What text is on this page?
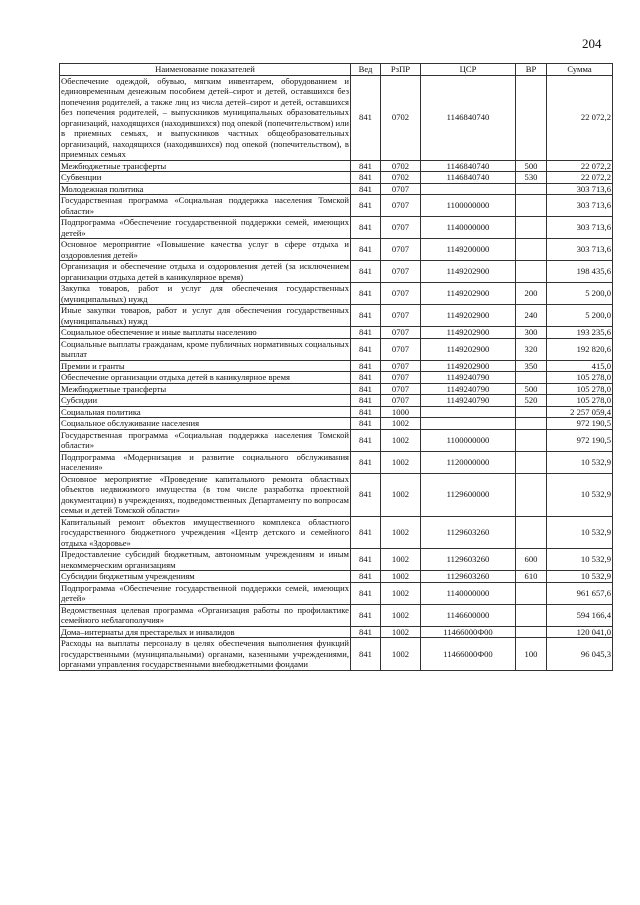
204
Наименование показателей	Вед	РзПР	ЦСР	ВР	Сумма
Обеспечение одеждой, обувью, мягким инвентарем, оборудованием и единовременным денежным пособием детей–сирот и детей, оставшихся без попечения родителей, а также лиц из числа детей–сирот и детей, оставшихся без попечения родителей, – выпускников муниципальных образовательных организаций, находящихся (находившихся) под опекой (попечительством) или в приемных семьях, и выпускников частных общеобразовательных организаций, находящихся (находившихся) под опекой (попечительством), в приемных семьях	841	0702	1146840740		22 072,2
Межбюджетные трансферты	841	0702	1146840740	500	22 072,2
Субвенции	841	0702	1146840740	530	22 072,2
Молодежная политика	841	0707			303 713,6
Государственная программа «Социальная поддержка населения Томской области»	841	0707	1100000000		303 713,6
Подпрограмма «Обеспечение государственной поддержки семей, имеющих детей»	841	0707	1140000000		303 713,6
Основное мероприятие «Повышение качества услуг в сфере отдыха и оздоровления детей»	841	0707	1149200000		303 713,6
Организация и обеспечение отдыха и оздоровления детей (за исключением организации отдыха детей в каникулярное время)	841	0707	1149202900		198 435,6
Закупка товаров, работ и услуг для обеспечения государственных (муниципальных) нужд	841	0707	1149202900	200	5 200,0
Иные закупки товаров, работ и услуг для обеспечения государственных (муниципальных) нужд	841	0707	1149202900	240	5 200,0
Социальное обеспечение и иные выплаты населению	841	0707	1149202900	300	193 235,6
Социальные выплаты гражданам, кроме публичных нормативных социальных выплат	841	0707	1149202900	320	192 820,6
Премии и гранты	841	0707	1149202900	350	415,0
Обеспечение организации отдыха детей в каникулярное время	841	0707	1149240790		105 278,0
Межбюджетные трансферты	841	0707	1149240790	500	105 278,0
Субсидии	841	0707	1149240790	520	105 278,0
Социальная политика	841	1000			2 257 059,4
Социальное обслуживание населения	841	1002			972 190,5
Государственная программа «Социальная поддержка населения Томской области»	841	1002	1100000000		972 190,5
Подпрограмма «Модернизация и развитие социального обслуживания населения»	841	1002	1120000000		10 532,9
Основное мероприятие «Проведение капитального ремонта областных объектов недвижимого имущества (в том числе разработка проектной документации) в учреждениях, подведомственных Департаменту по вопросам семьи и детей Томской области»	841	1002	1129600000		10 532,9
Капитальный ремонт объектов имущественного комплекса областного государственного бюджетного учреждения «Центр детского и семейного отдыха «Здоровье»	841	1002	1129603260		10 532,9
Предоставление субсидий бюджетным, автономным учреждениям и иным некоммерческим организациям	841	1002	1129603260	600	10 532,9
Субсидии бюджетным учреждениям	841	1002	1129603260	610	10 532,9
Подпрограмма «Обеспечение государственной поддержки семей, имеющих детей»	841	1002	1140000000		961 657,6
Ведомственная целевая программа «Организация работы по профилактике семейного неблагополучия»	841	1002	1146600000		594 166,4
Дома–интернаты для престарелых и инвалидов	841	1002	11466000Ф00		120 041,0
Расходы на выплаты персоналу в целях обеспечения выполнения функций государственными (муниципальными) органами, казенными учреждениями, органами управления государственными внебюджетными фондами	841	1002	11466000Ф00	100	96 045,3
